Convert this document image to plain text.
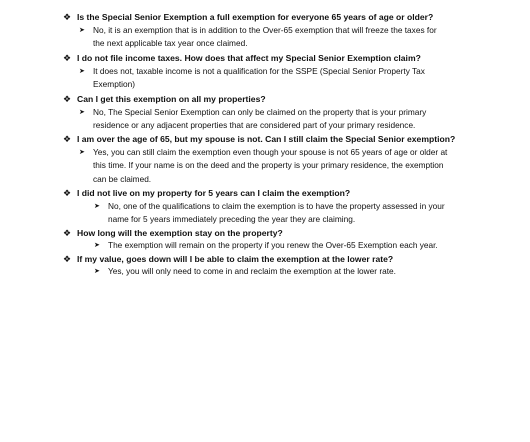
❖ Is the Special Senior Exemption a full exemption for everyone 65 years of age or older?
➤ No, it is an exemption that is in addition to the Over-65 exemption that will freeze the taxes for
the next applicable tax year once claimed.
❖ I do not file income taxes. How does that affect my Special Senior Exemption claim?
➤ It does not, taxable income is not a qualification for the SSPE (Special Senior Property Tax
Exemption)
❖ Can I get this exemption on all my properties?
➤ No, The Special Senior Exemption can only be claimed on the property that is your primary
residence or any adjacent properties that are considered part of your primary residence.
❖ I am over the age of 65, but my spouse is not. Can I still claim the Special Senior exemption?
➤ Yes, you can still claim the exemption even though your spouse is not 65 years of age or older at
this time. If your name is on the deed and the property is your primary residence, the exemption
can be claimed.
❖ I did not live on my property for 5 years can I claim the exemption?
➤ No, one of the qualifications to claim the exemption is to have the property assessed in your
name for 5 years immediately preceding the year they are claiming.
❖ How long will the exemption stay on the property?
➤ The exemption will remain on the property if you renew the Over-65 Exemption each year.
❖ If my value, goes down will I be able to claim the exemption at the lower rate?
➤ Yes, you will only need to come in and reclaim the exemption at the lower rate.
